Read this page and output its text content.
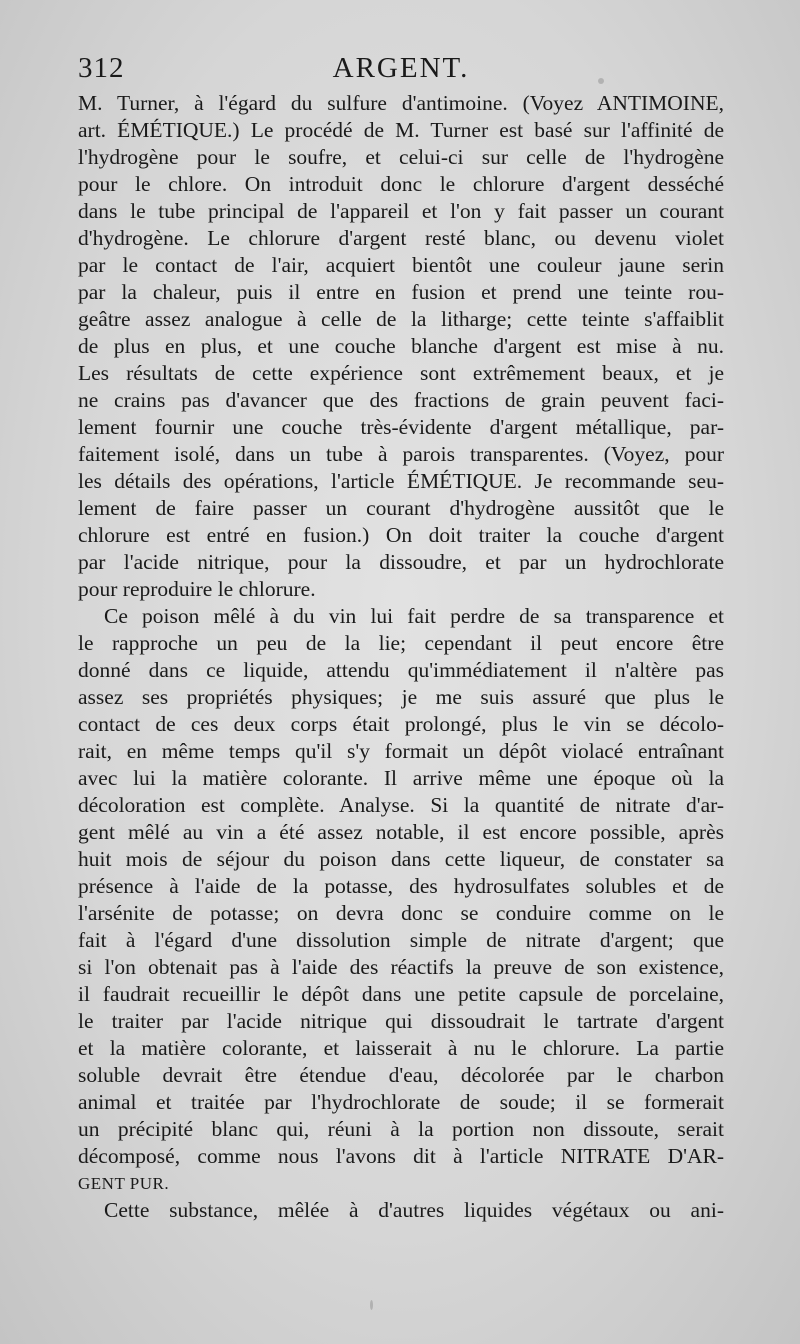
312	ARGENT.
M. Turner, à l'égard du sulfure d'antimoine. (Voyez ANTIMOINE,
art. ÉMÉTIQUE.) Le procédé de M. Turner est basé sur l'affinité de
l'hydrogène pour le soufre, et celui-ci sur celle de l'hydrogène
pour le chlore. On introduit donc le chlorure d'argent desséché
dans le tube principal de l'appareil et l'on y fait passer un courant
d'hydrogène. Le chlorure d'argent resté blanc, ou devenu violet
par le contact de l'air, acquiert bientôt une couleur jaune serin
par la chaleur, puis il entre en fusion et prend une teinte rou-
geâtre assez analogue à celle de la litharge; cette teinte s'affaiblit
de plus en plus, et une couche blanche d'argent est mise à nu.
Les résultats de cette expérience sont extrêmement beaux, et je
ne crains pas d'avancer que des fractions de grain peuvent faci-
lement fournir une couche très-évidente d'argent métallique, par-
faitement isolé, dans un tube à parois transparentes. (Voyez, pour
les détails des opérations, l'article ÉMÉTIQUE. Je recommande seu-
lement de faire passer un courant d'hydrogène aussitôt que le
chlorure est entré en fusion.) On doit traiter la couche d'argent
par l'acide nitrique, pour la dissoudre, et par un hydrochlorate
pour reproduire le chlorure.
Ce poison mêlé à du vin lui fait perdre de sa transparence et
le rapproche un peu de la lie; cependant il peut encore être
donné dans ce liquide, attendu qu'immédiatement il n'altère pas
assez ses propriétés physiques; je me suis assuré que plus le
contact de ces deux corps était prolongé, plus le vin se décolo-
rait, en même temps qu'il s'y formait un dépôt violacé entraînant
avec lui la matière colorante. Il arrive même une époque où la
décoloration est complète. Analyse. Si la quantité de nitrate d'ar-
gent mêlé au vin a été assez notable, il est encore possible, après
huit mois de séjour du poison dans cette liqueur, de constater sa
présence à l'aide de la potasse, des hydrosulfates solubles et de
l'arsénite de potasse; on devra donc se conduire comme on le
fait à l'égard d'une dissolution simple de nitrate d'argent; que
si l'on obtenait pas à l'aide des réactifs la preuve de son existence,
il faudrait recueillir le dépôt dans une petite capsule de porcelaine,
le traiter par l'acide nitrique qui dissoudrait le tartrate d'argent
et la matière colorante, et laisserait à nu le chlorure. La partie
soluble devrait être étendue d'eau, décolorée par le charbon
animal et traitée par l'hydrochlorate de soude; il se formerait
un précipité blanc qui, réuni à la portion non dissoute, serait
décomposé, comme nous l'avons dit à l'article NITRATE D'AR-
GENT PUR.
Cette substance, mêlée à d'autres liquides végétaux ou ani-
